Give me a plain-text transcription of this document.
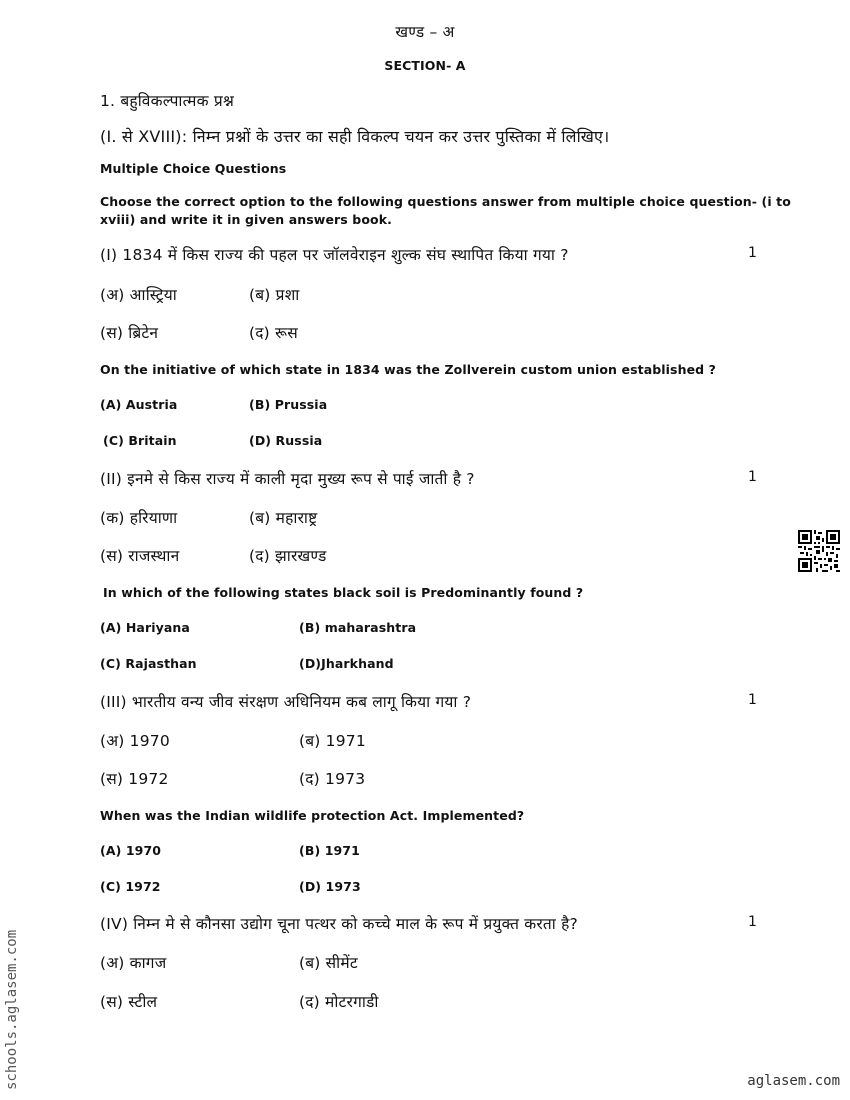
खण्ड – अ
SECTION- A
1. बहुविकल्पात्मक प्रश्न
(I. से XVIII): निम्न प्रश्नों के उत्तर का सही विकल्प चयन कर उत्तर पुस्तिका में लिखिए।
Multiple Choice Questions
Choose the correct option to the following questions answer from multiple choice question- (i to xviii) and write it in given answers book.
(I) 1834 में किस राज्य की पहल पर जॉलवेराइन शुल्क संघ स्थापित किया गया ?	1
(अ) आस्ट्रिया	(ब) प्रशा
(स) ब्रिटेन	(द) रूस
On the initiative of which state in 1834 was the Zollverein custom union established ?
(A) Austria	(B) Prussia
(C) Britain	(D) Russia
(II) इनमे से किस राज्य में काली मृदा मुख्य रूप से पाई जाती है ?	1
(क) हरियाणा	(ब) महाराष्ट्र
(स) राजस्थान	(द) झारखण्ड
In which of the following states black soil is Predominantly found ?
(A) Hariyana	(B) maharashtra
(C) Rajasthan	(D)Jharkhand
(III) भारतीय वन्य जीव संरक्षण अधिनियम कब लागू किया गया ?	1
(अ) 1970	(ब) 1971
(स) 1972	(द) 1973
When was the Indian wildlife protection Act. Implemented?
(A) 1970	(B) 1971
(C) 1972	(D) 1973
(IV) निम्न मे से कौनसा उद्योग चूना पत्थर को कच्चे माल के रूप में प्रयुक्त करता है?	1
(अ) कागज	(ब) सीमेंट
(स) स्टील	(द) मोटरगाडी
schools.aglasem.com	aglasem.com
